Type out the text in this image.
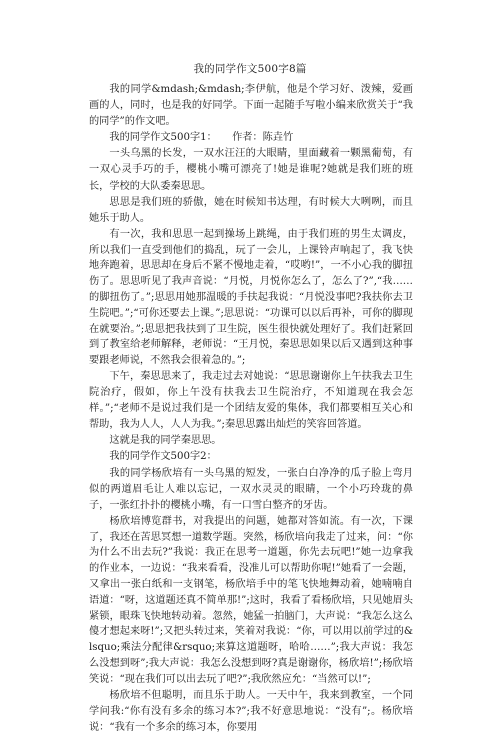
我的同学作文500字8篇

我的同学&mdash;&mdash;李伊航，他是个学习好、泼辣，爱画画的人，同时，也是我的好同学。下面一起随手写啦小编来欣赏关于“我的同学”的作文吧。

我的同学作文500字1：　　作者：陈垚竹

一头乌黑的长发，一双水汪汪的大眼睛，里面藏着一颗黑葡萄，有一双心灵手巧的手，樱桃小嘴可漂亮了!她是谁呢?她就是我们班的班长，学校的大队委秦思思。

思思是我们班的骄傲，她在时候知书达理，有时候大大咧咧，而且她乐于助人。

有一次，我和思思一起到操场上跳绳，由于我们班的男生太调皮，所以我们一直受到他们的捣乱，玩了一会儿，上课铃声响起了，我飞快地奔跑着，思思却在身后不紧不慢地走着，“哎哟!”，一不小心我的脚扭伤了。思思听见了我声音说：“月悦，月悦你怎么了，怎么了?”,“我……的脚扭伤了。”;思思用她那温暖的手扶起我说：“月悦没事吧?我扶你去卫生院吧。”;“可你还要去上课。”;思思说：“功课可以以后再补，可你的脚现在就要治。”;思思把我扶到了卫生院，医生很快就处理好了。我们赶紧回到了教室给老师解释，老师说：“王月悦，秦思思如果以后又遇到这种事要跟老师说，不然我会很着急的。”;

下午，秦思思来了，我走过去对她说：“思思谢谢你上午扶我去卫生院治疗，假如，你上午没有扶我去卫生院治疗，不知道现在我会怎样。”;“老师不是说过我们是一个团结友爱的集体，我们都要相互关心和帮助，我为人人，人人为我。”;秦思思露出灿烂的笑容回答道。

这就是我的同学秦思思。

我的同学作文500字2：

我的同学杨欣培有一头乌黑的短发，一张白白净净的瓜子脸上弯月似的两道眉毛让人难以忘记，一双水灵灵的眼睛，一个小巧玲珑的鼻子，一张红扑扑的樱桃小嘴，有一口雪白整齐的牙齿。

杨欣培博览群书，对我提出的问题，她都对答如流。有一次，下课了，我还在苦思冥想一道数学题。突然，杨欣培向我走了过来，问：“你为什么不出去玩?”我说：我正在思考一道题，你先去玩吧!”她一边拿我的作业本，一边说：“我来看看，没准儿可以帮助你呢!”她看了一会题，又拿出一张白纸和一支钢笔，杨欣培手中的笔飞快地舞动着，她喃喃自语道：“呀，这道题还真不简单那!”;这时，我看了看杨欣培，只见她眉头紧锁，眼珠飞快地转动着。忽然，她猛一拍脑门，大声说：“我怎么这么傻才想起来呀!”;又把头转过来，笑着对我说：“你，可以用以前学过的&lsquo;乘法分配律&rsquo;来算这道题呀，哈哈……”;我大声说：我怎么没想到呀”;我大声说：我怎么没想到呀?真是谢谢你，杨欣培!”;杨欣培笑说：“现在我们可以出去玩了吧?”;我欣然应允：“当然可以!”;

杨欣培不但聪明，而且乐于助人。一天中午，我来到教室，一个同学问我:“你有没有多余的练习本?”;我不好意思地说：“没有”;。杨欣培说：“我有一个多余的练习本，你要用
